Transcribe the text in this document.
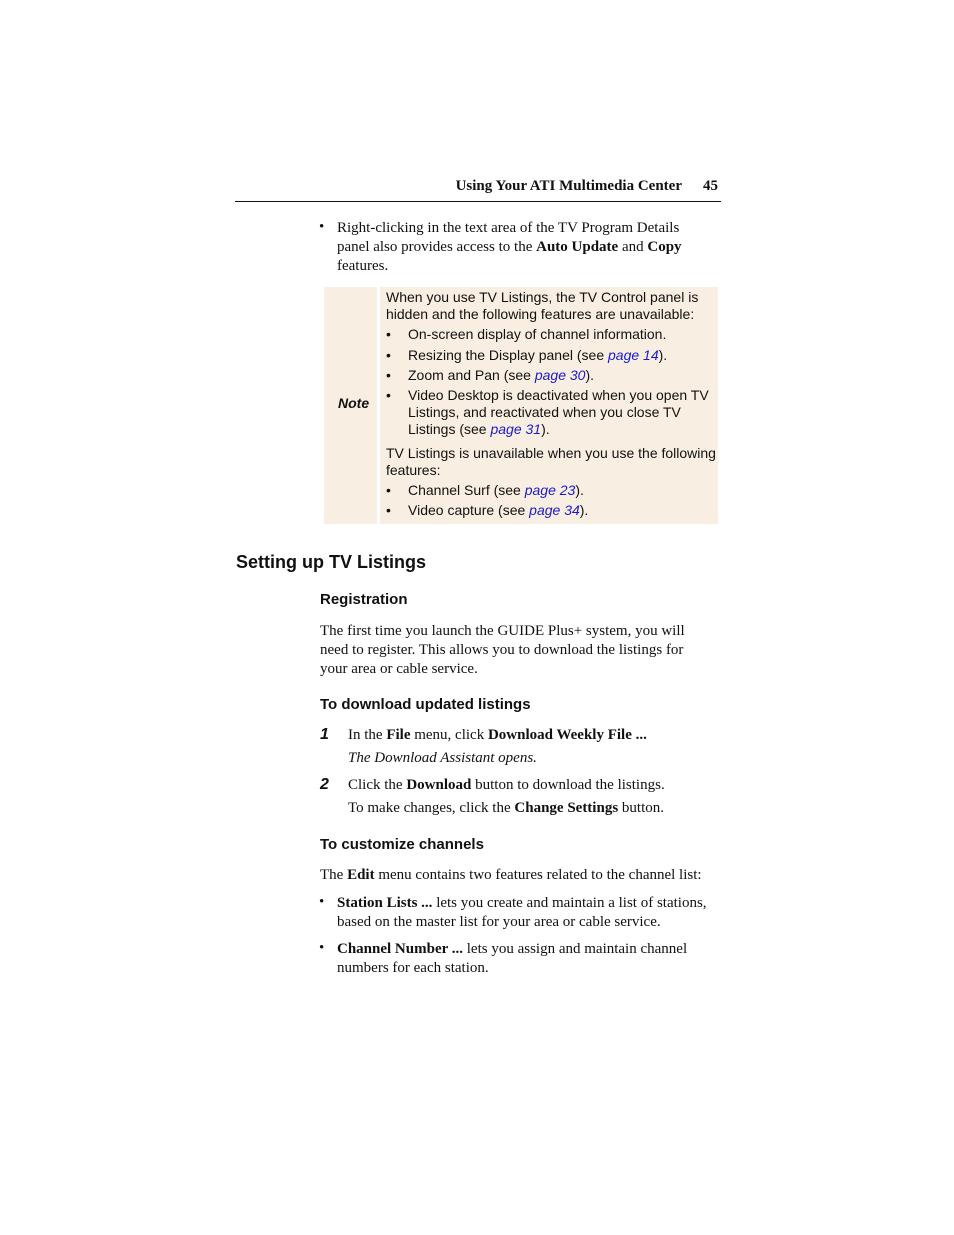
Using Your ATI Multimedia Center 45
• Right-clicking in the text area of the TV Program Details
panel also provides access to the Auto Update and Copy
features.
Note
When you use TV Listings, the TV Control panel is
hidden and the following features are unavailable:
• On-screen display of channel information.
• Resizing the Display panel (see page 14).
• Zoom and Pan (see page 30).
• Video Desktop is deactivated when you open TV
Listings, and reactivated when you close TV
Listings (see page 31).
TV Listings is unavailable when you use the following
features:
• Channel Surf (see page 23).
• Video capture (see page 34).
Setting up TV Listings
Registration
The first time you launch the GUIDE Plus+ system, you will
need to register. This allows you to download the listings for
your area or cable service.
To download updated listings
1 In the File menu, click Download Weekly File ...
The Download Assistant opens.
2 Click the Download button to download the listings.
To make changes, click the Change Settings button.
To customize channels
The Edit menu contains two features related to the channel list:
• Station Lists ... lets you create and maintain a list of stations,
based on the master list for your area or cable service.
• Channel Number ... lets you assign and maintain channel
numbers for each station.
